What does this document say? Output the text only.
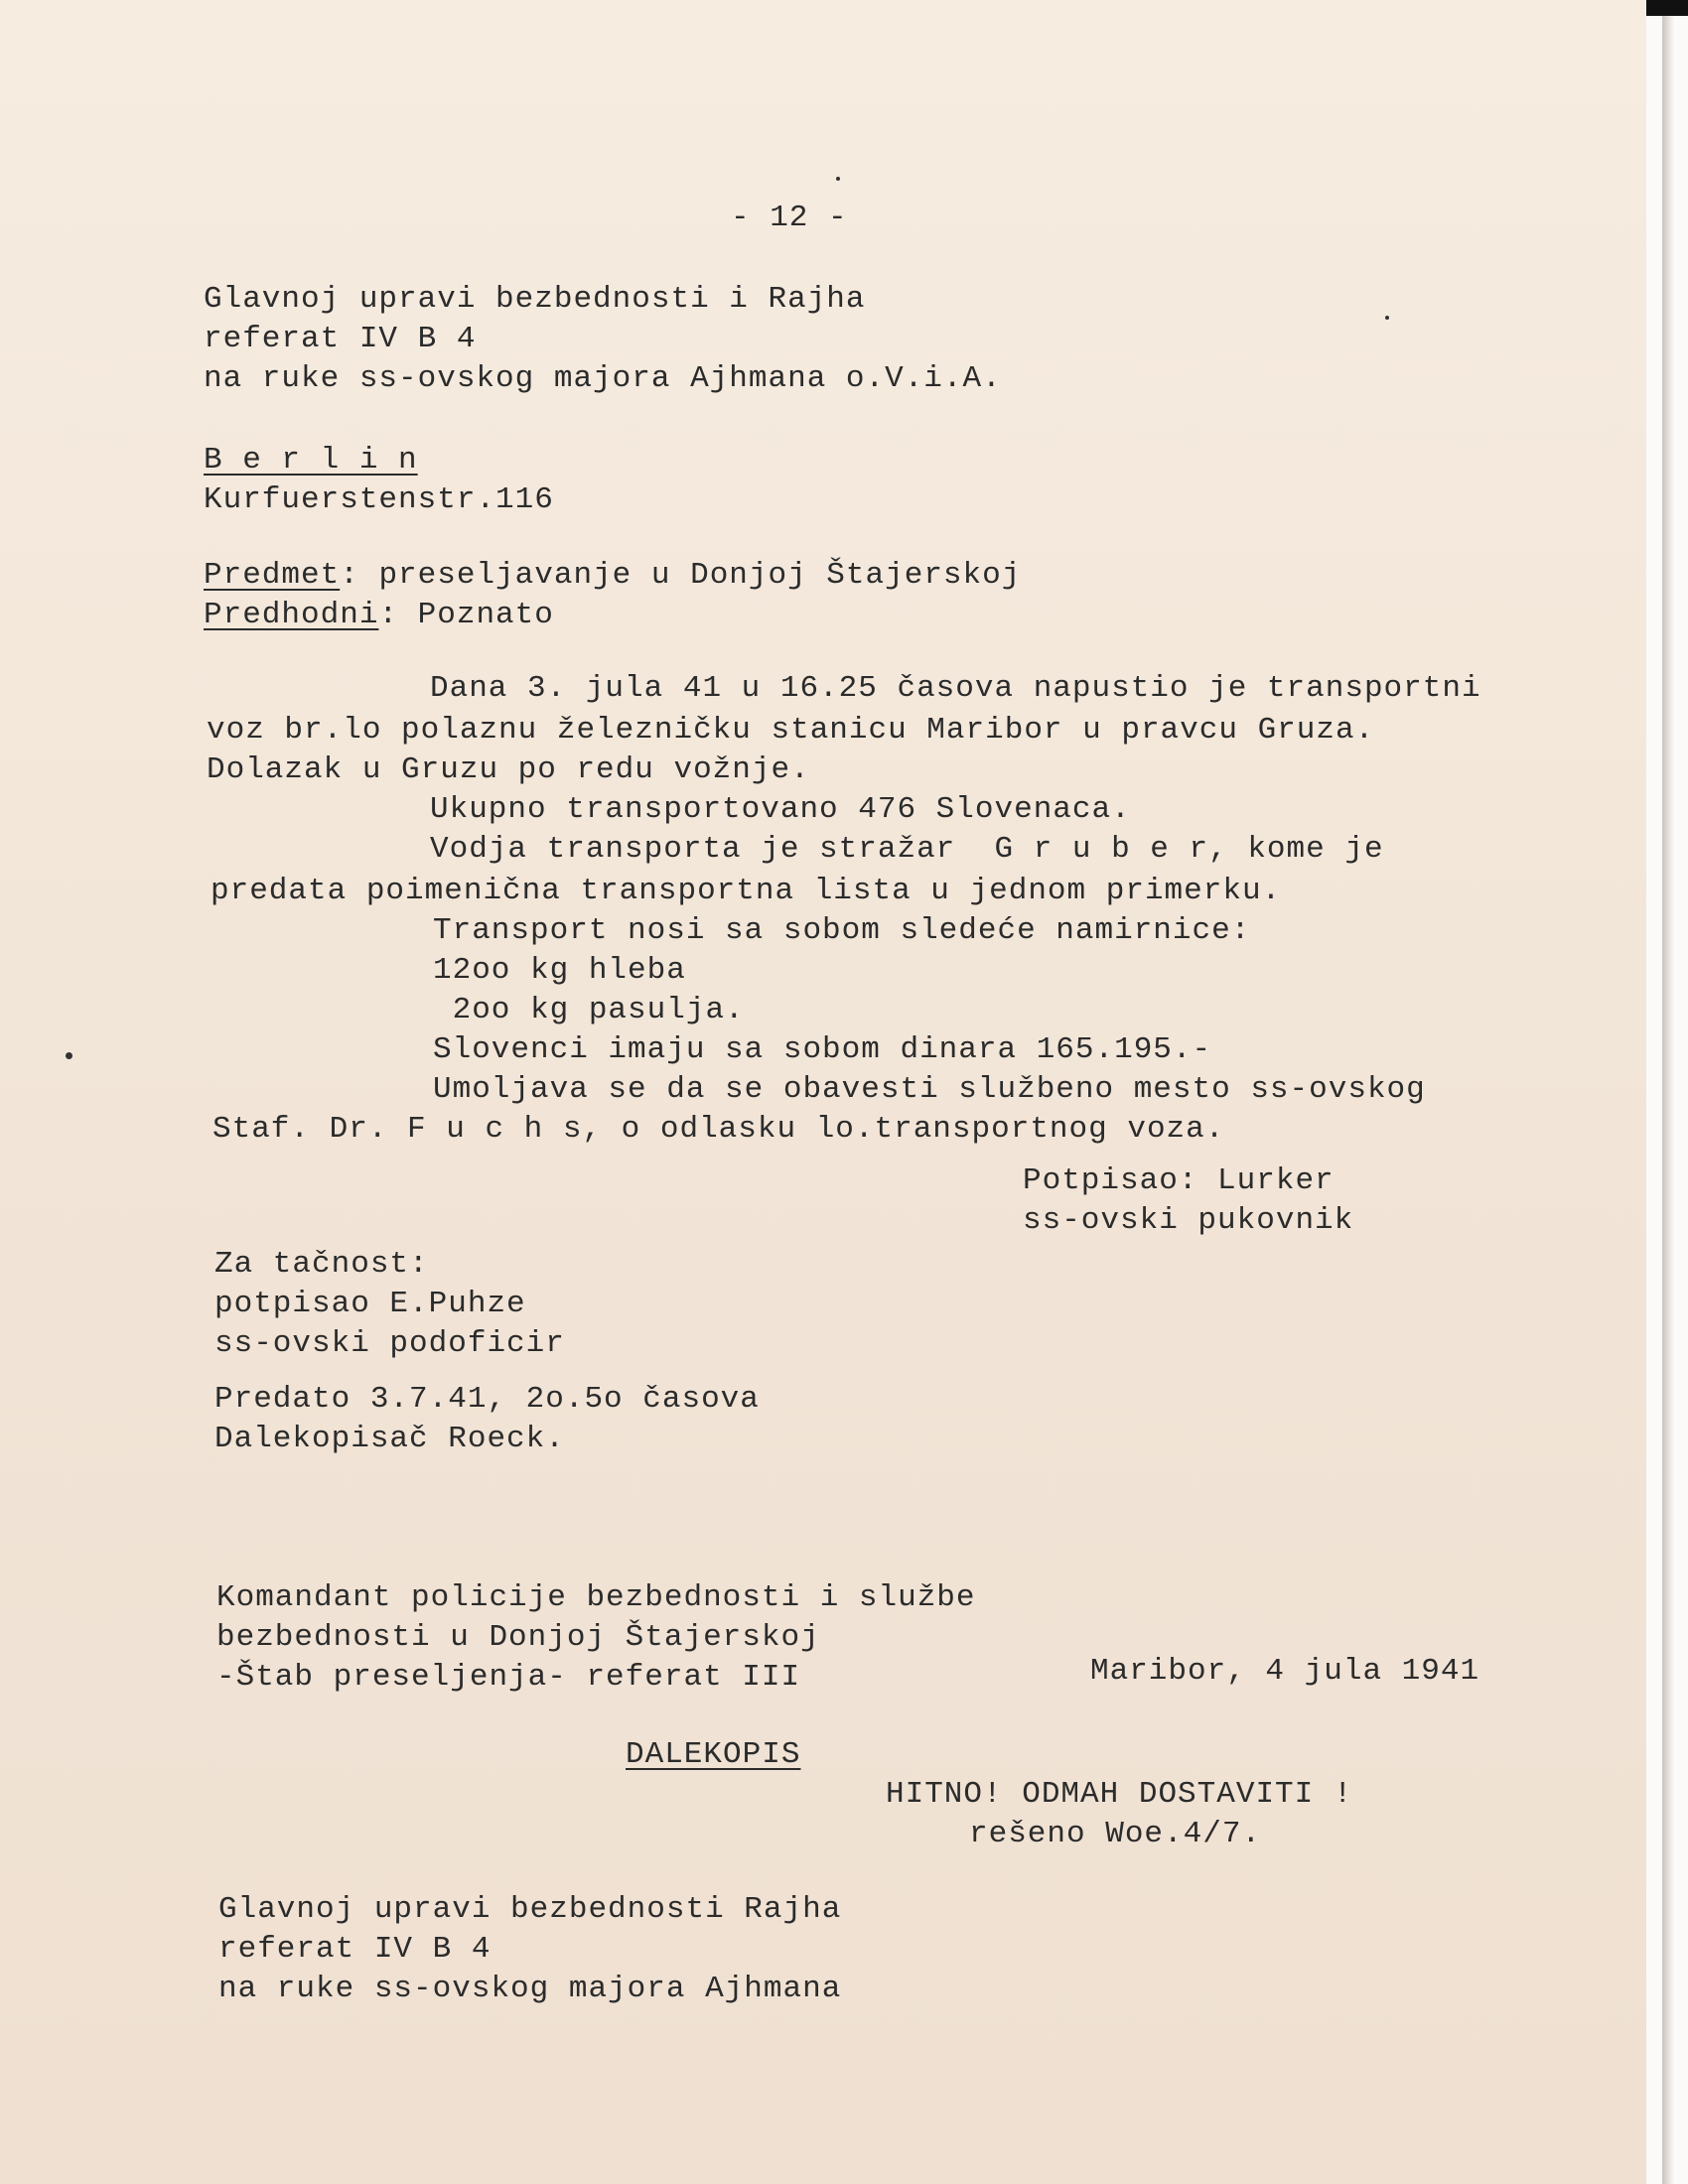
- 12 -
Glavnoj upravi bezbednosti i Rajha
referat IV B 4
na ruke ss-ovskog majora Ajhmana o.V.i.A.
B e r l i n
Kurfuerstenstr.116
Predmet: preseljavanje u Donjoj Štajerskoj
Predhodni: Poznato
Dana 3. jula 41 u 16.25 časova napustio je transportni
voz br.lo polaznu železničku stanicu Maribor u pravcu Gruza.
Dolazak u Gruzu po redu vožnje.
Ukupno transportovano 476 Slovenaca.
Vodja transporta je stražar  G r u b e r, kome je
predata poimenična transportna lista u jednom primerku.
Transport nosi sa sobom sledeće namirnice:
12oo kg hleba
2oo kg pasulja.
Slovenci imaju sa sobom dinara 165.195.-
Umoljava se da se obavesti službeno mesto ss-ovskog
Staf. Dr. F u c h s, o odlasku lo.transportnog voza.
Potpisao: Lurker
ss-ovski pukovnik
Za tačnost:
potpisao E.Puhze
ss-ovski podoficir
Predato 3.7.41, 2o.5o časova
Dalekopisač Roeck.
Komandant policije bezbednosti i službe
bezbednosti u Donjoj Štajerskoj
-Štab preseljenja- referat III	Maribor, 4 jula 1941
DALEKOPIS
HITNO! ODMAH DOSTAVITI !
rešeno Woe.4/7.
Glavnoj upravi bezbednosti Rajha
referat IV B 4
na ruke ss-ovskog majora Ajhmana
